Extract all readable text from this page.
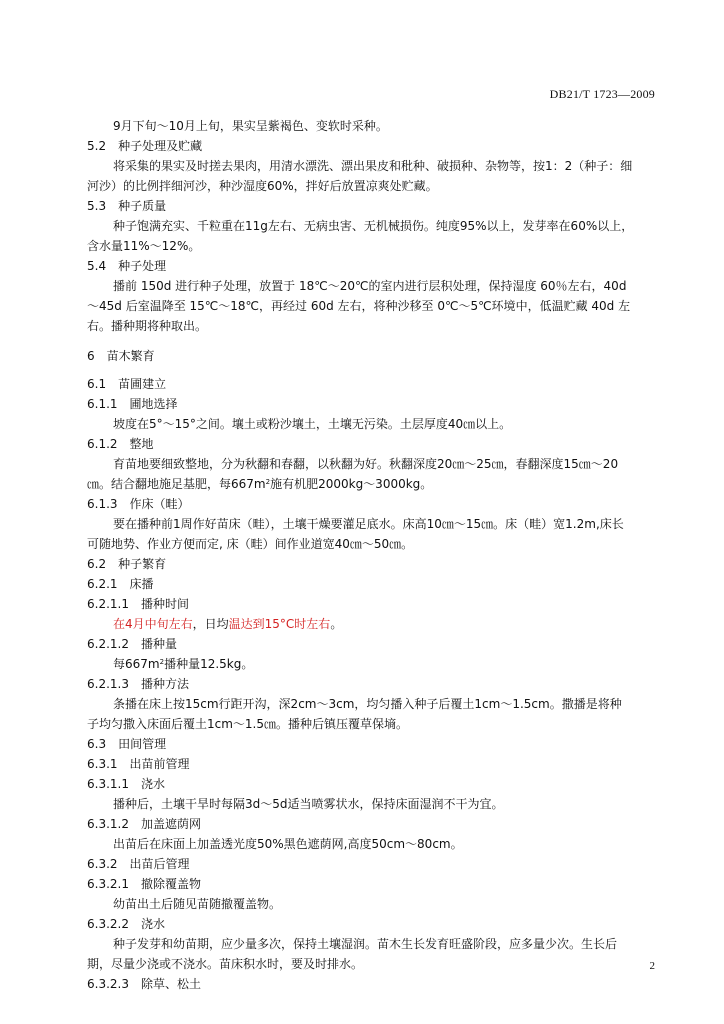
DB21/T 1723—2009
9月下旬～10月上旬，果实呈紫褐色、变软时采种。
5.2 种子处理及贮藏
将采集的果实及时搓去果肉，用清水漂洗、漂出果皮和秕种、破损种、杂物等，按1：2（种子：细
河沙）的比例拌细河沙，种沙湿度60%，拌好后放置凉爽处贮藏。
5.3 种子质量
种子饱满充实、千粒重在11g左右、无病虫害、无机械损伤。纯度95%以上，发芽率在60%以上，
含水量11%～12%。
5.4 种子处理
播前 150d 进行种子处理，放置于 18℃～20℃的室内进行层积处理，保持湿度 60％左右，40d
～45d 后室温降至 15℃～18℃，再经过 60d 左右，将种沙移至 0℃～5℃环境中，低温贮藏 40d 左
右。播种期将种取出。
6 苗木繁育
6.1 苗圃建立
6.1.1 圃地选择
坡度在5°～15°之间。壤土或粉沙壤土，土壤无污染。土层厚度40㎝以上。
6.1.2 整地
育苗地要细致整地，分为秋翻和春翻，以秋翻为好。秋翻深度20㎝～25㎝，春翻深度15㎝～20
㎝。结合翻地施足基肥，每$667m^2$施有机肥2000kg～3000kg。
6.1.3 作床（畦）
要在播种前1周作好苗床（畦），土壤干燥要灌足底水。床高10㎝～15㎝。床（畦）宽1.2m,床长
可随地势、作业方便而定, 床（畦）间作业道宽40㎝～50㎝。
6.2 种子繁育
6.2.1 床播
6.2.1.1 播种时间
在4月中旬左右，日均温达到15°C时左右。
6.2.1.2 播种量
每$667m^2$播种量12.5kg。
6.2.1.3 播种方法
条播在床上按15cm行距开沟，深2cm～3cm，均匀播入种子后覆土1cm～1.5cm。撒播是将种
子均匀撒入床面后覆土1cm～1.5㎝。播种后镇压覆草保墒。
6.3 田间管理
6.3.1 出苗前管理
6.3.1.1 浇水
播种后，土壤干旱时每隔3d～5d适当喷雾状水，保持床面湿润不干为宜。
6.3.1.2 加盖遮荫网
出苗后在床面上加盖透光度50%黑色遮荫网,高度50cm～80cm。
6.3.2 出苗后管理
6.3.2.1 撤除覆盖物
幼苗出土后随见苗随撤覆盖物。
6.3.2.2 浇水
种子发芽和幼苗期，应少量多次，保持土壤湿润。苗木生长发育旺盛阶段，应多量少次。生长后
期，尽量少浇或不浇水。苗床积水时，要及时排水。
6.3.2.3 除草、松土
2
